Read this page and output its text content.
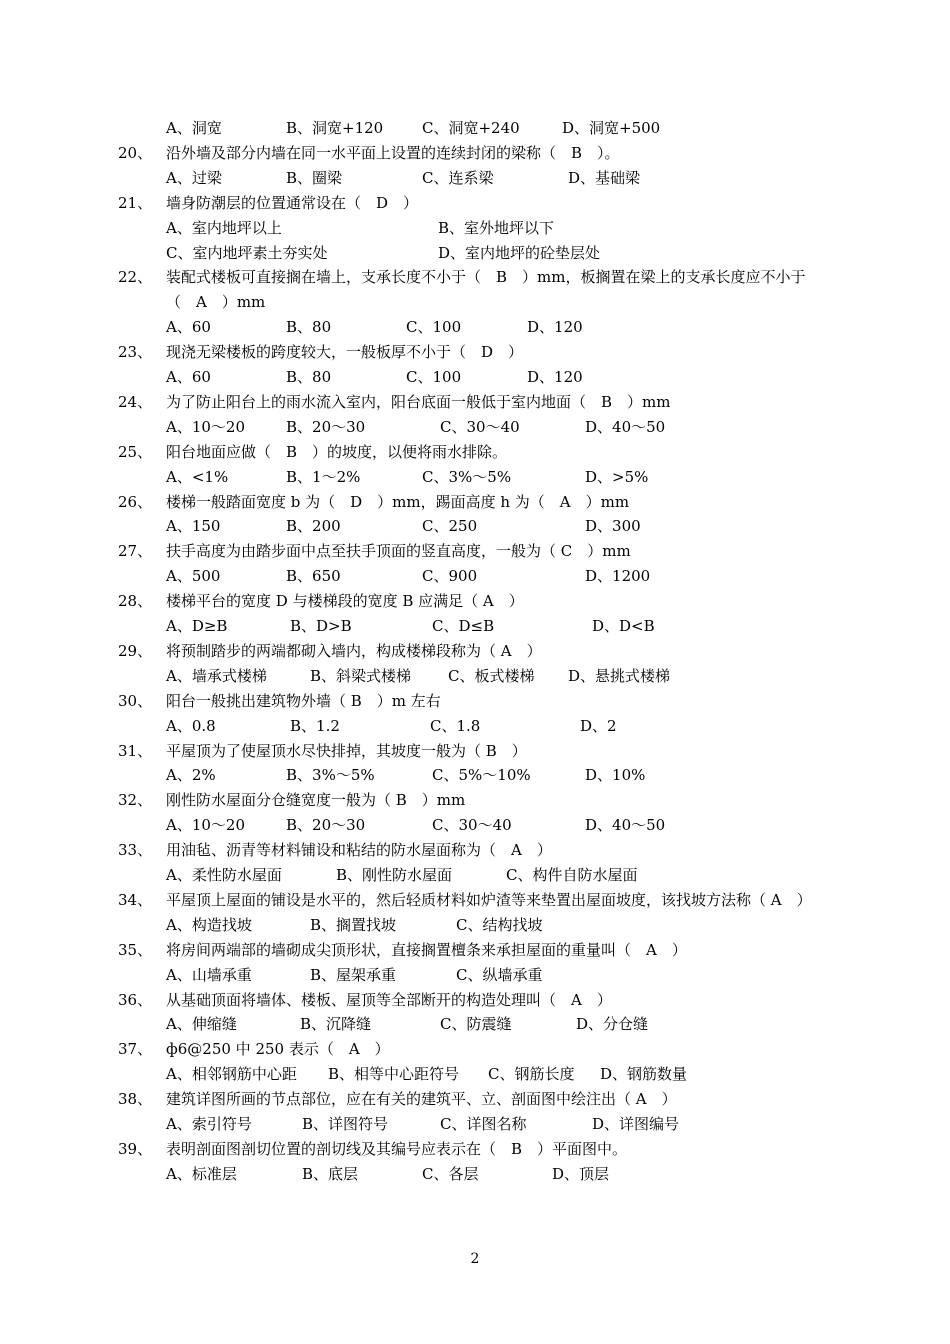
A、洞宽	B、洞宽+120	C、洞宽+240	D、洞宽+500
20、 沿外墙及部分内墙在同一水平面上设置的连续封闭的梁称（　B　）。
A、过梁	B、圈梁	C、连系梁	D、基础梁
21、 墙身防潮层的位置通常设在（　D　）
A、室内地坪以上	B、室外地坪以下
C、室内地坪素土夯实处	D、室内地坪的砼垫层处
22、 装配式楼板可直接搁在墙上，支承长度不小于（　B　）mm，板搁置在梁上的支承长度应不小于
（　A　）mm
A、60	B、80	C、100	D、120
23、 现浇无梁楼板的跨度较大，一般板厚不小于（　D　）
A、60	B、80	C、100	D、120
24、 为了防止阳台上的雨水流入室内，阳台底面一般低于室内地面（　B　）mm
A、10～20	B、20～30	C、30～40	D、40～50
25、 阳台地面应做（　B　）的坡度，以便将雨水排除。
A、<1%	B、1～2%	C、3%～5%	D、>5%
26、 楼梯一般踏面宽度 b 为（　D　）mm，踢面高度 h 为（　A　）mm
A、150	B、200	C、250	D、300
27、 扶手高度为由踏步面中点至扶手顶面的竖直高度，一般为（ C　）mm
A、500	B、650	C、900	D、1200
28、 楼梯平台的宽度 D 与楼梯段的宽度 B 应满足（ A　）
A、D≥B	B、D>B	C、D≤B	D、D<B
29、 将预制踏步的两端都砌入墙内，构成楼梯段称为（ A　）
A、墙承式楼梯	B、斜梁式楼梯 C、板式楼梯 D、悬挑式楼梯
30、 阳台一般挑出建筑物外墙（ B　）m 左右
A、0.8	B、1.2	C、1.8	D、2
31、 平屋顶为了使屋顶水尽快排掉，其坡度一般为（ B　）
A、2%	B、3%～5%	C、5%～10%	D、10%
32、 刚性防水屋面分仓缝宽度一般为（ B　）mm
A、10～20	B、20～30	C、30～40	D、40～50
33、 用油毡、沥青等材料铺设和粘结的防水屋面称为（　A　）
A、柔性防水屋面	B、刚性防水屋面	C、构件自防水屋面
34、 平屋顶上屋面的铺设是水平的，然后轻质材料如炉渣等来垫置出屋面坡度，该找坡方法称（ A　）
A、构造找坡	B、搁置找坡	C、结构找坡
35、 将房间两端部的墙砌成尖顶形状，直接搁置檀条来承担屋面的重量叫（　A　）
A、山墙承重	B、屋架承重	C、纵墙承重
36、 从基础顶面将墙体、楼板、屋顶等全部断开的构造处理叫（　A　）
A、伸缩缝	B、沉降缝	C、防震缝	D、分仓缝
37、 ф6@250 中 250 表示（　A　）
A、相邻钢筋中心距 B、相等中心距符号 C、钢筋长度 D、钢筋数量
38、 建筑详图所画的节点部位，应在有关的建筑平、立、剖面图中绘注出（ A　）
A、索引符号	B、详图符号	C、详图名称	D、详图编号
39、 表明剖面图剖切位置的剖切线及其编号应表示在（　B　）平面图中。
A、标准层	B、底层	C、各层	D、顶层
2
